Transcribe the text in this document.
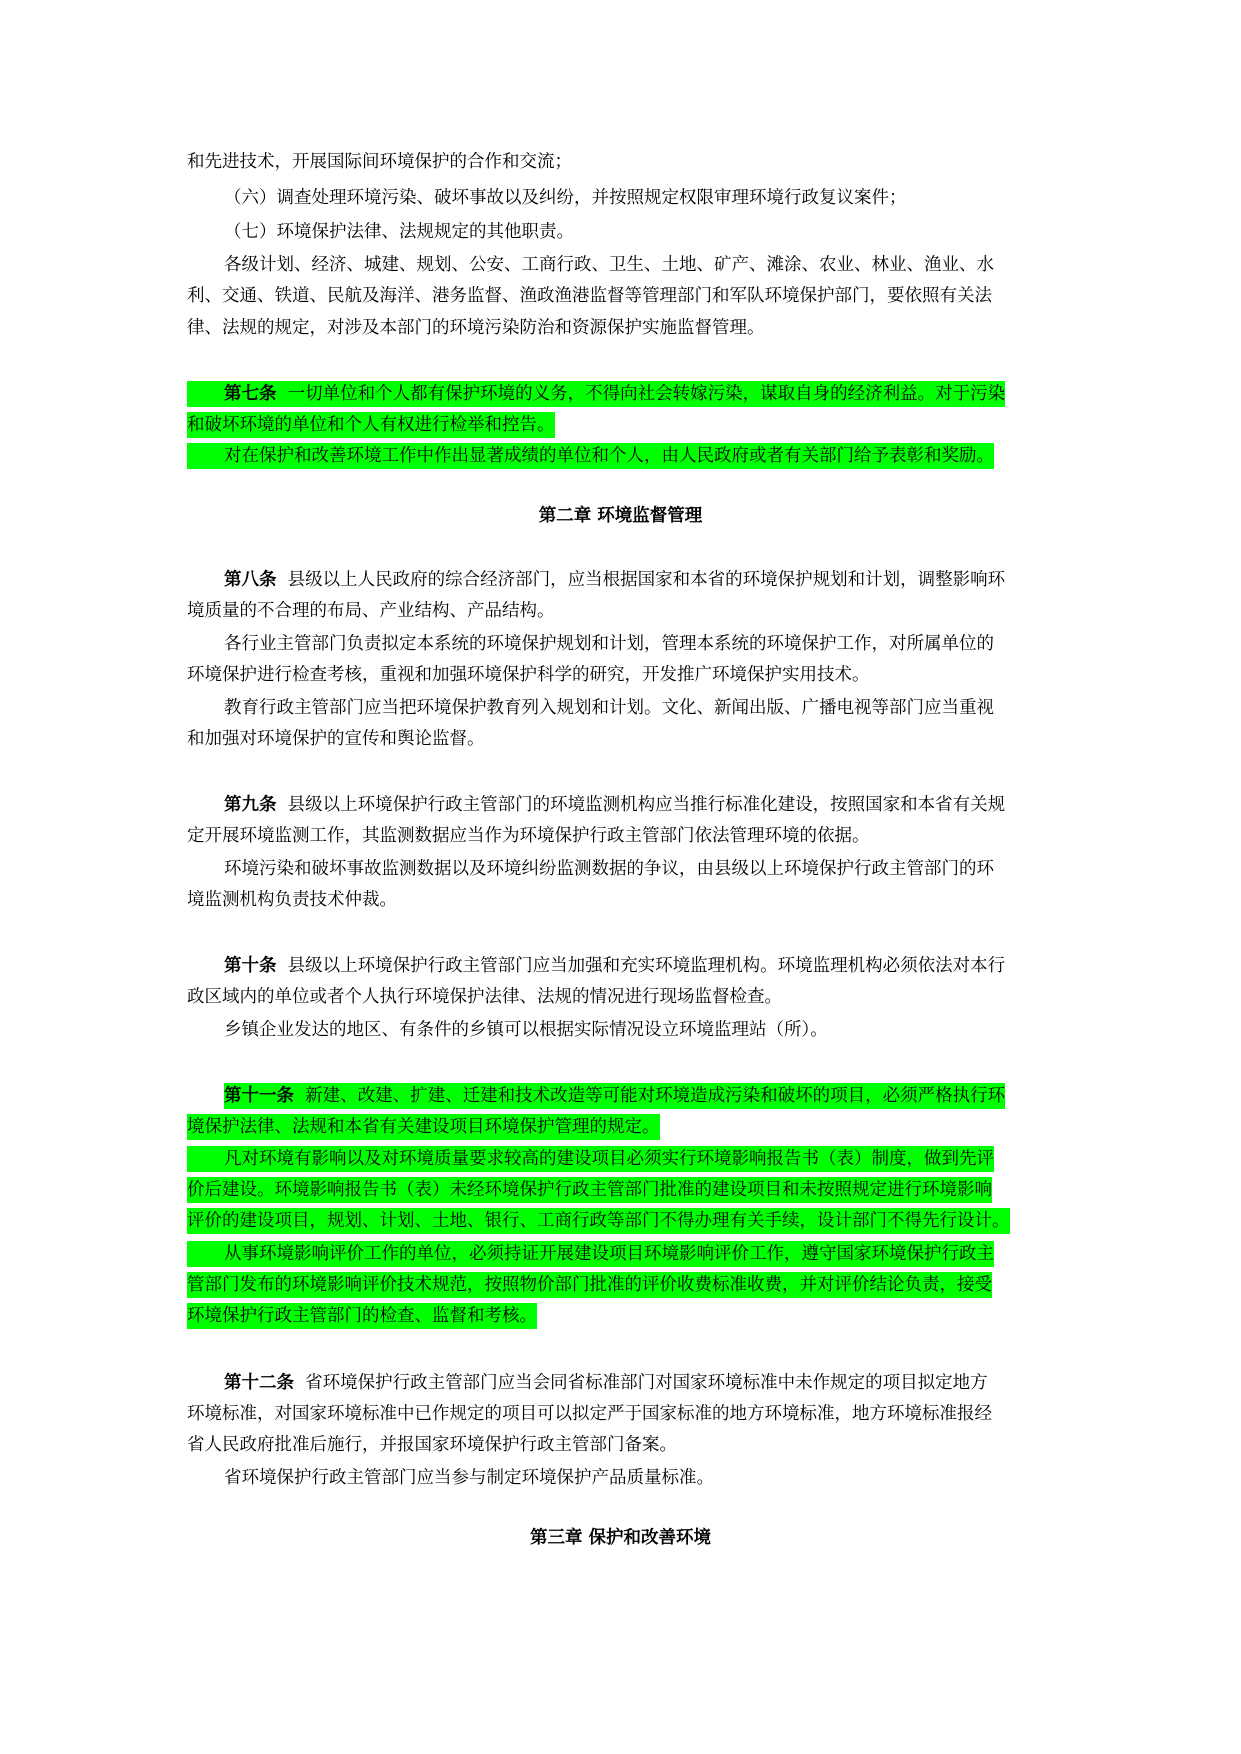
和先进技术，开展国际间环境保护的合作和交流；
（六）调查处理环境污染、破坏事故以及纠纷，并按照规定权限审理环境行政复议案件；
（七）环境保护法律、法规规定的其他职责。
各级计划、经济、城建、规划、公安、工商行政、卫生、土地、矿产、滩涂、农业、林业、渔业、水
利、交通、铁道、民航及海洋、港务监督、渔政渔港监督等管理部门和军队环境保护部门，要依照有关法
律、法规的规定，对涉及本部门的环境污染防治和资源保护实施监督管理。
第七条 一切单位和个人都有保护环境的义务，不得向社会转嫁污染，谋取自身的经济利益。对于污染
和破坏环境的单位和个人有权进行检举和控告。
对在保护和改善环境工作中作出显著成绩的单位和个人，由人民政府或者有关部门给予表彰和奖励。
第二章 环境监督管理
第八条 县级以上人民政府的综合经济部门，应当根据国家和本省的环境保护规划和计划，调整影响环
境质量的不合理的布局、产业结构、产品结构。
各行业主管部门负责拟定本系统的环境保护规划和计划，管理本系统的环境保护工作，对所属单位的
环境保护进行检查考核，重视和加强环境保护科学的研究，开发推广环境保护实用技术。
教育行政主管部门应当把环境保护教育列入规划和计划。文化、新闻出版、广播电视等部门应当重视
和加强对环境保护的宣传和舆论监督。
第九条 县级以上环境保护行政主管部门的环境监测机构应当推行标准化建设，按照国家和本省有关规
定开展环境监测工作，其监测数据应当作为环境保护行政主管部门依法管理环境的依据。
环境污染和破坏事故监测数据以及环境纠纷监测数据的争议，由县级以上环境保护行政主管部门的环
境监测机构负责技术仲裁。
第十条 县级以上环境保护行政主管部门应当加强和充实环境监理机构。环境监理机构必须依法对本行
政区域内的单位或者个人执行环境保护法律、法规的情况进行现场监督检查。
乡镇企业发达的地区、有条件的乡镇可以根据实际情况设立环境监理站（所）。
第十一条 新建、改建、扩建、迁建和技术改造等可能对环境造成污染和破坏的项目，必须严格执行环
境保护法律、法规和本省有关建设项目环境保护管理的规定。
凡对环境有影响以及对环境质量要求较高的建设项目必须实行环境影响报告书（表）制度，做到先评
价后建设。环境影响报告书（表）未经环境保护行政主管部门批准的建设项目和未按照规定进行环境影响
评价的建设项目，规划、计划、土地、银行、工商行政等部门不得办理有关手续，设计部门不得先行设计。
从事环境影响评价工作的单位，必须持证开展建设项目环境影响评价工作，遵守国家环境保护行政主
管部门发布的环境影响评价技术规范，按照物价部门批准的评价收费标准收费，并对评价结论负责，接受
环境保护行政主管部门的检查、监督和考核。
第十二条 省环境保护行政主管部门应当会同省标准部门对国家环境标准中未作规定的项目拟定地方
环境标准，对国家环境标准中已作规定的项目可以拟定严于国家标准的地方环境标准，地方环境标准报经
省人民政府批准后施行，并报国家环境保护行政主管部门备案。
省环境保护行政主管部门应当参与制定环境保护产品质量标准。
第三章 保护和改善环境
